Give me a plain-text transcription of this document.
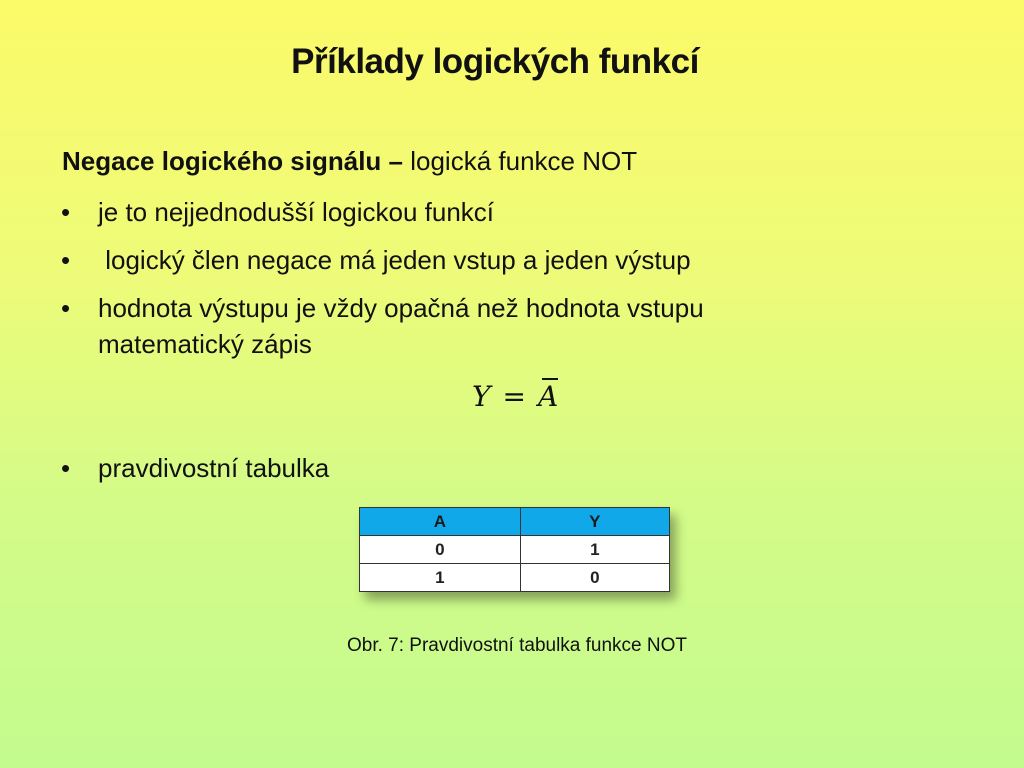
Příklady logických funkcí
Negace logického signálu – logická funkce NOT
• je to nejjednodušší logickou funkcí
• logický člen negace má jeden vstup a jeden výstup
• hodnota výstupu je vždy opačná než hodnota vstupu
matematický zápis
• pravdivostní tabulka
Y = A
A	Y
0	1
1	0
Obr. 7: Pravdivostní tabulka funkce NOT
